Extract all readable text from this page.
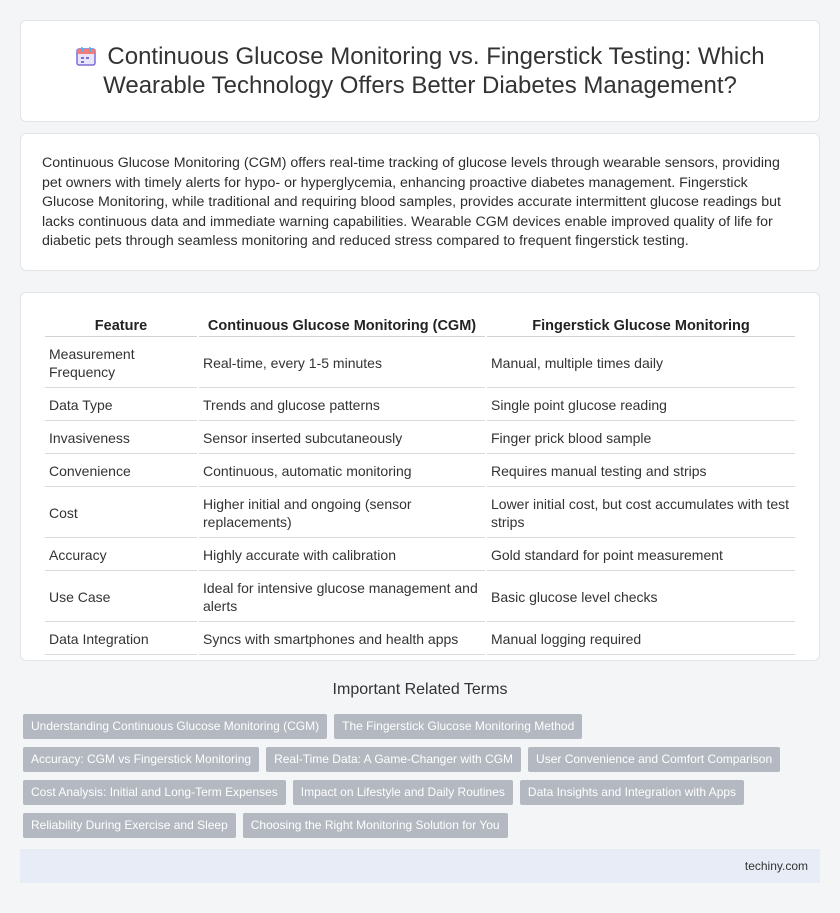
Continuous Glucose Monitoring vs. Fingerstick Testing: Which Wearable Technology Offers Better Diabetes Management?

Continuous Glucose Monitoring (CGM) offers real-time tracking of glucose levels through wearable sensors, providing pet owners with timely alerts for hypo- or hyperglycemia, enhancing proactive diabetes management. Fingerstick Glucose Monitoring, while traditional and requiring blood samples, provides accurate intermittent glucose readings but lacks continuous data and immediate warning capabilities. Wearable CGM devices enable improved quality of life for diabetic pets through seamless monitoring and reduced stress compared to frequent fingerstick testing.

Feature	Continuous Glucose Monitoring (CGM)	Fingerstick Glucose Monitoring
Measurement Frequency	Real-time, every 1-5 minutes	Manual, multiple times daily
Data Type	Trends and glucose patterns	Single point glucose reading
Invasiveness	Sensor inserted subcutaneously	Finger prick blood sample
Convenience	Continuous, automatic monitoring	Requires manual testing and strips
Cost	Higher initial and ongoing (sensor replacements)	Lower initial cost, but cost accumulates with test strips
Accuracy	Highly accurate with calibration	Gold standard for point measurement
Use Case	Ideal for intensive glucose management and alerts	Basic glucose level checks
Data Integration	Syncs with smartphones and health apps	Manual logging required
Important Related Terms
Understanding Continuous Glucose Monitoring (CGM)	The Fingerstick Glucose Monitoring Method
Accuracy: CGM vs Fingerstick Monitoring	Real-Time Data: A Game-Changer with CGM	User Convenience and Comfort Comparison
Cost Analysis: Initial and Long-Term Expenses	Impact on Lifestyle and Daily Routines	Data Insights and Integration with Apps
Reliability During Exercise and Sleep	Choosing the Right Monitoring Solution for You
techiny.com
